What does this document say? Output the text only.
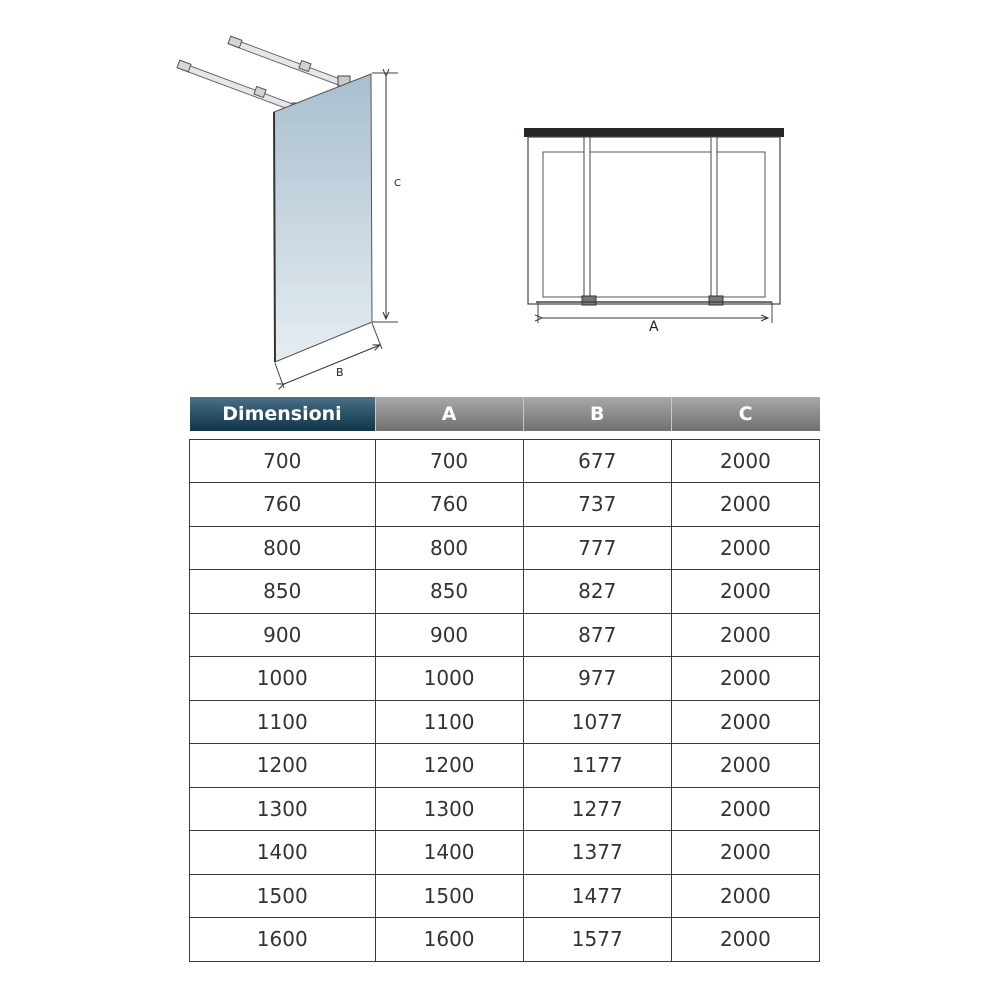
C
B
A
Dimensioni	A	B	C

700	700	677	2000
760	760	737	2000
800	800	777	2000
850	850	827	2000
900	900	877	2000
1000	1000	977	2000
1100	1100	1077	2000
1200	1200	1177	2000
1300	1300	1277	2000
1400	1400	1377	2000
1500	1500	1477	2000
1600	1600	1577	2000
